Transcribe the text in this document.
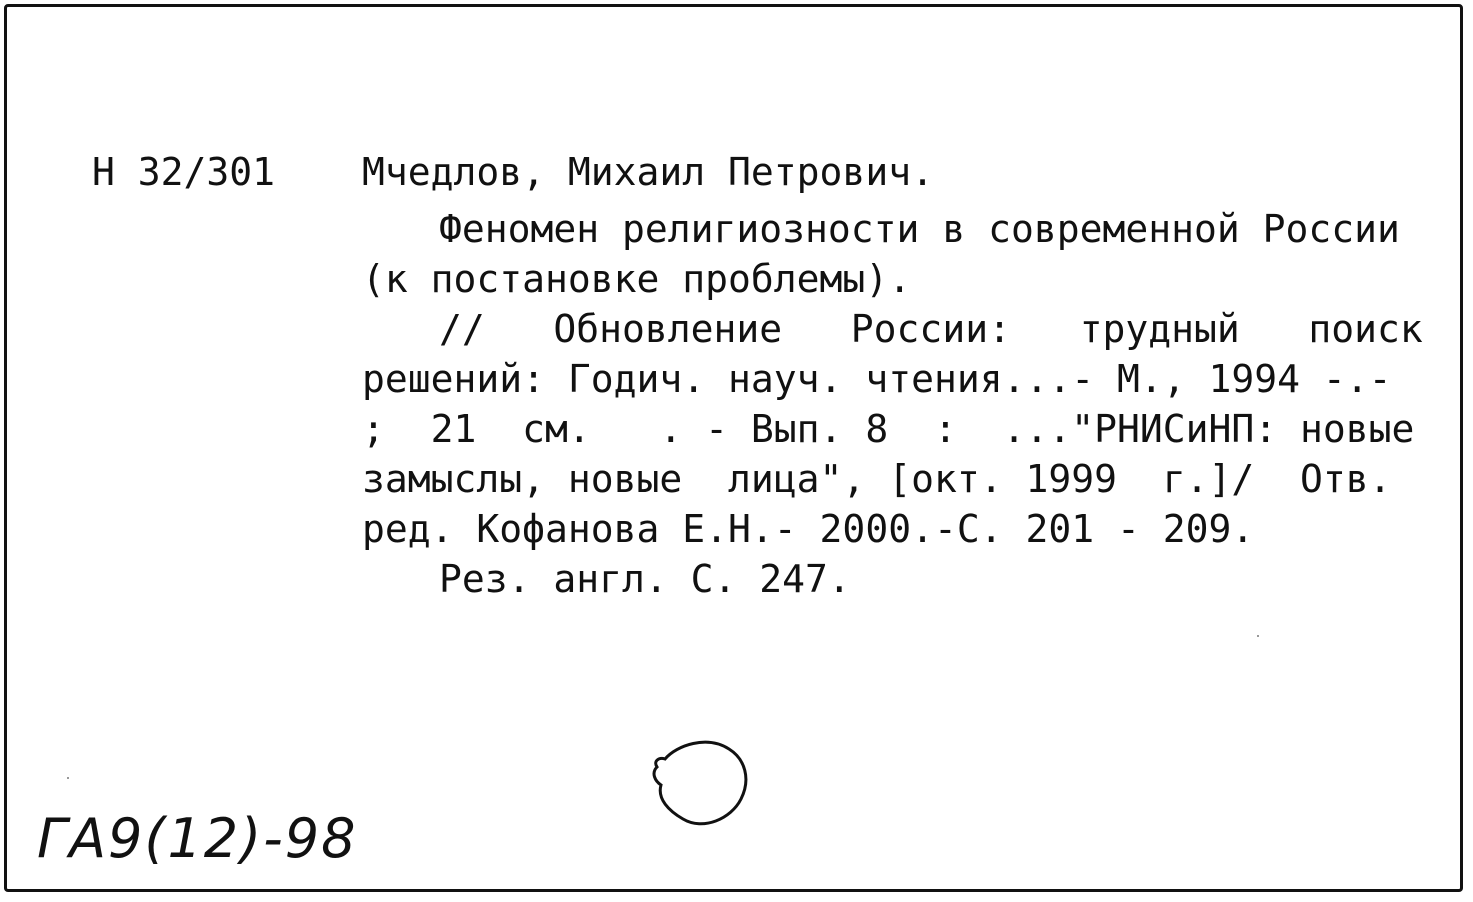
Н 32/301 Мчедлов, Михаил Петрович.
Феномен религиозности в современной России
(к постановке проблемы).
//   Обновление   России:   трудный   поиск
решений: Годич. науч. чтения...- М., 1994 -.-
;  21  см.   . - Вып. 8  :  ..."РНИСиНП: новые
замыслы, новые  лица", [окт. 1999  г.]/  Отв.
ред. Кофанова Е.Н.- 2000.-С. 201 - 209.
Рез. англ. С. 247.
ГА9(12)-98
